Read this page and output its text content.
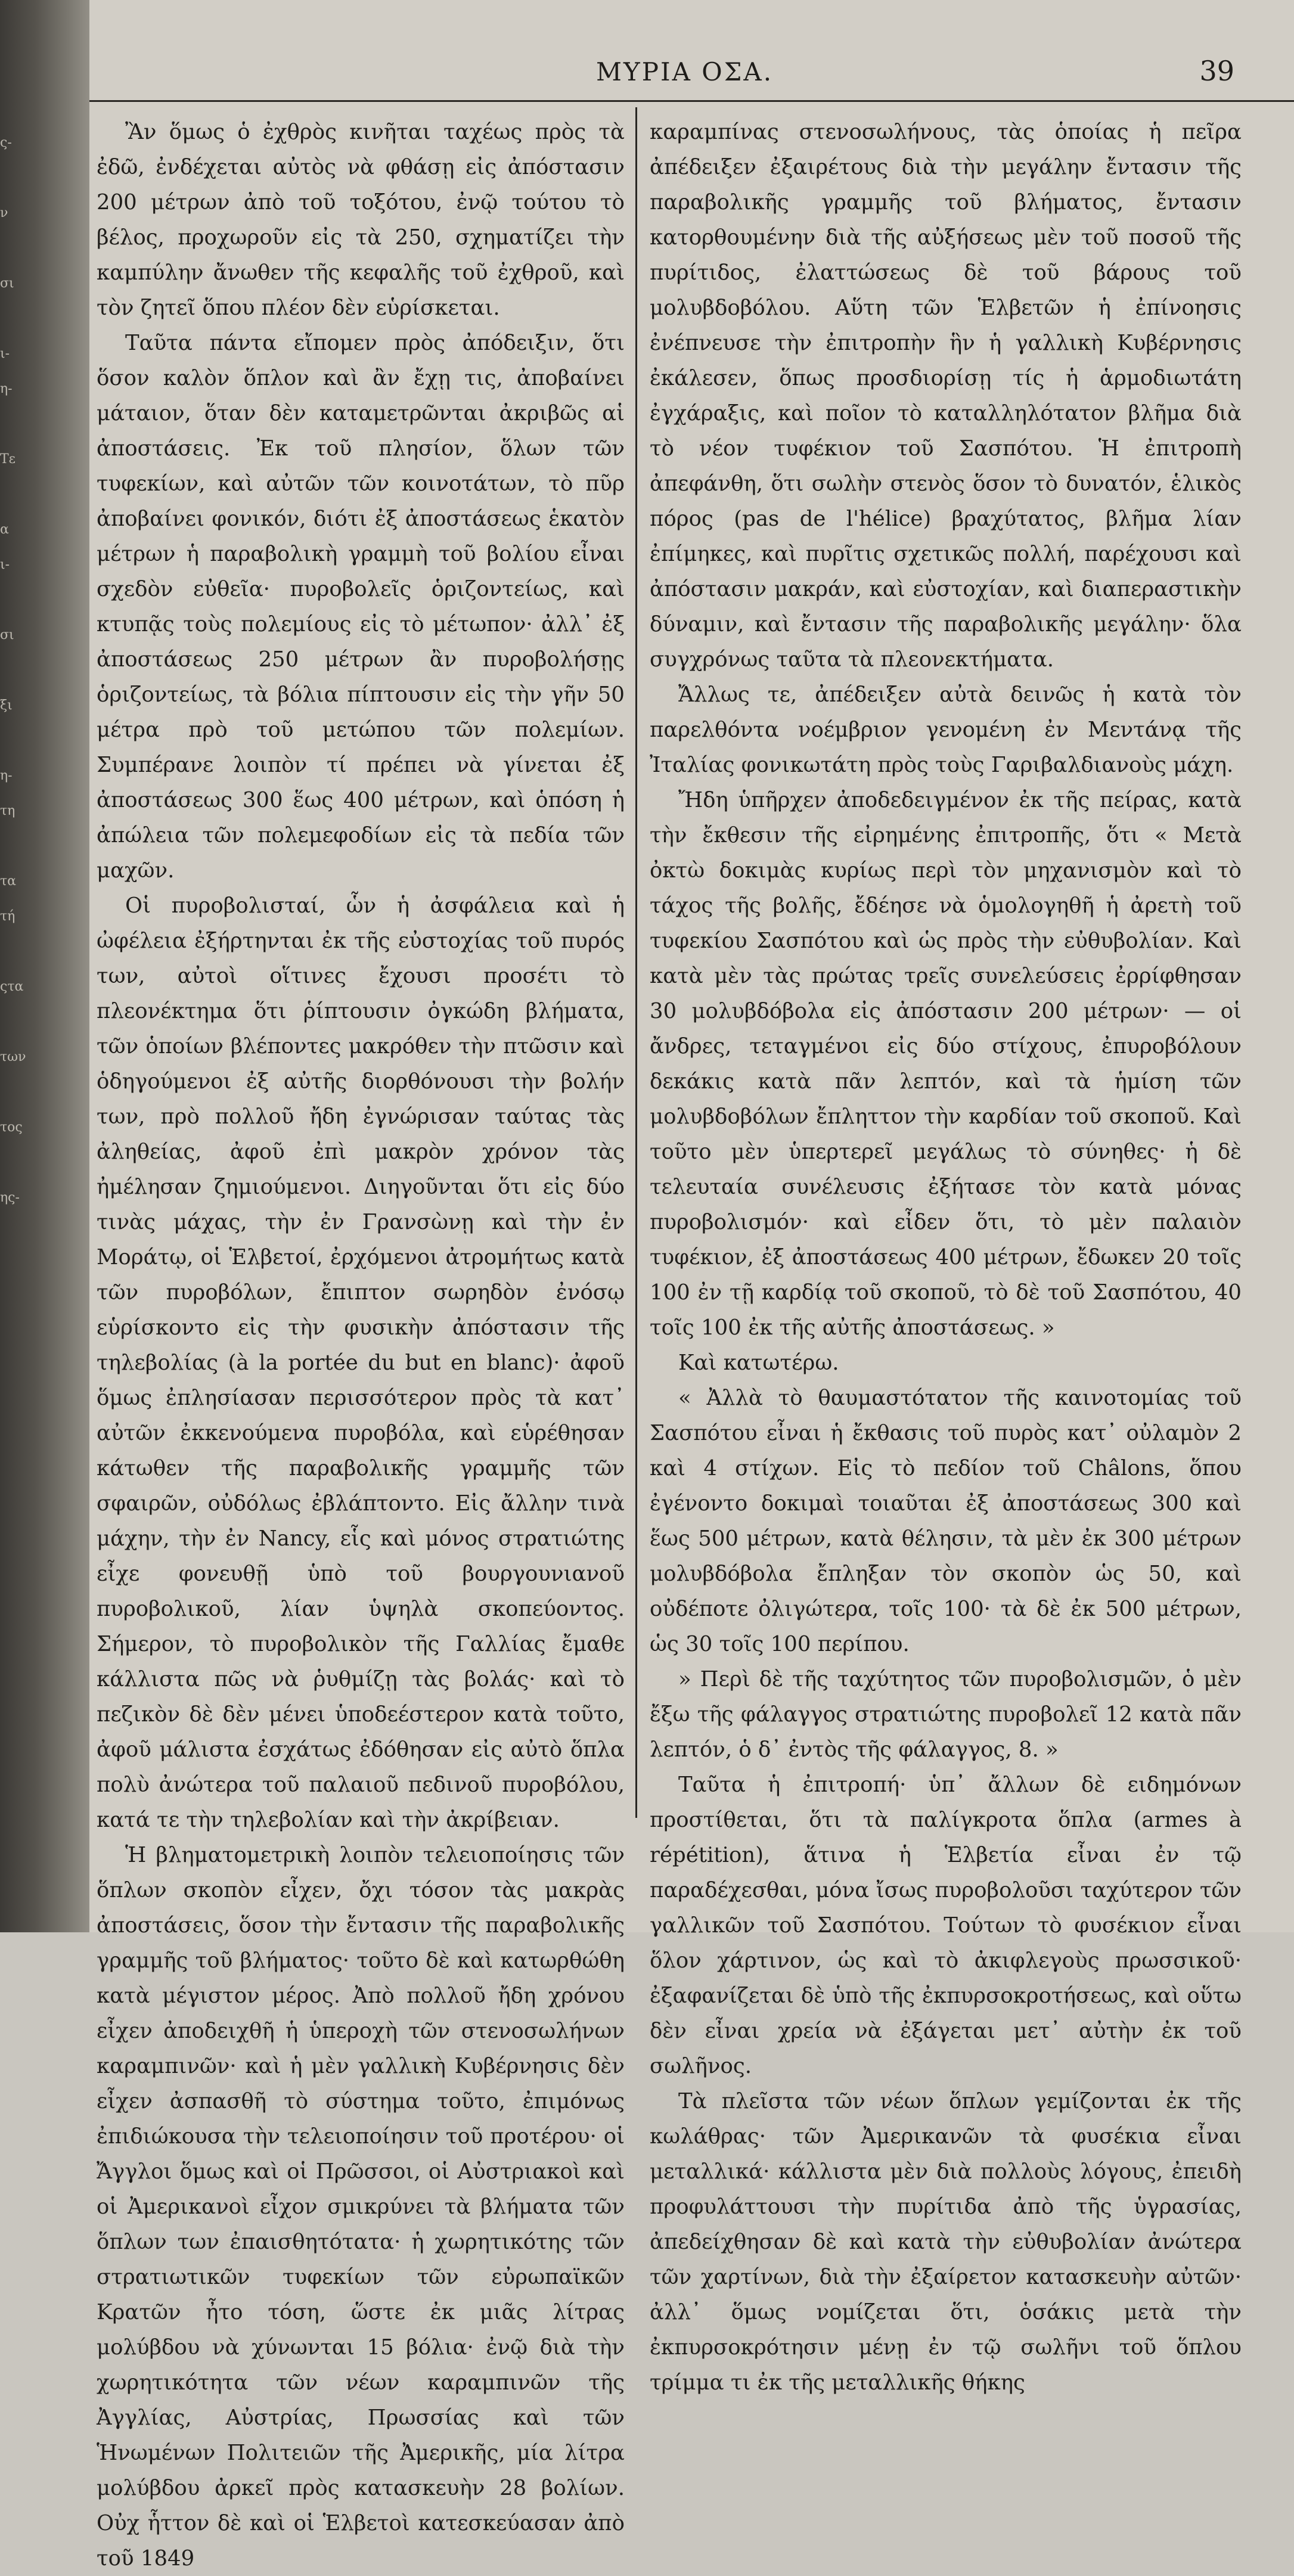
ς-

ν

σι

ι-
η-

Τε

α
ι-

σι

ξι

η-
τη

τα
τή

ςτα

των

τος

ης-
ΜΥΡΙΑ ΟΣΑ.	39

Ἂν ὅμως ὁ ἐχθρὸς κινῆται ταχέως πρὸς τὰ ἐδῶ, ἐνδέχεται αὐτὸς νὰ φθάσῃ εἰς ἀπόστασιν 200 μέτρων ἀπὸ τοῦ τοξότου, ἐνῷ τούτου τὸ βέλος, προχωροῦν εἰς τὰ 250, σχηματίζει τὴν καμπύλην ἄνωθεν τῆς κεφαλῆς τοῦ ἐχθροῦ, καὶ τὸν ζητεῖ ὅπου πλέον δὲν εὑρίσκεται.

Ταῦτα πάντα εἴπομεν πρὸς ἀπόδειξιν, ὅτι ὅσον καλὸν ὅπλον καὶ ἂν ἔχῃ τις, ἀποβαίνει μάταιον, ὅταν δὲν καταμετρῶνται ἀκριβῶς αἱ ἀποστάσεις. Ἐκ τοῦ πλησίον, ὅλων τῶν τυφεκίων, καὶ αὐτῶν τῶν κοινοτάτων, τὸ πῦρ ἀποβαίνει φονικόν, διότι ἐξ ἀποστάσεως ἑκατὸν μέτρων ἡ παραβολικὴ γραμμὴ τοῦ βολίου εἶναι σχεδὸν εὐθεῖα· πυροβολεῖς ὁριζοντείως, καὶ κτυπᾷς τοὺς πολεμίους εἰς τὸ μέτωπον· ἀλλ᾽ ἐξ ἀποστάσεως 250 μέτρων ἂν πυροβολήσῃς ὁριζοντείως, τὰ βόλια πίπτουσιν εἰς τὴν γῆν 50 μέτρα πρὸ τοῦ μετώπου τῶν πολεμίων. Συμπέρανε λοιπὸν τί πρέπει νὰ γίνεται ἐξ ἀποστάσεως 300 ἕως 400 μέτρων, καὶ ὁπόση ἡ ἀπώλεια τῶν πολεμεφοδίων εἰς τὰ πεδία τῶν μαχῶν.

Οἱ πυροβολισταί, ὧν ἡ ἀσφάλεια καὶ ἡ ὠφέλεια ἐξήρτηνται ἐκ τῆς εὐστοχίας τοῦ πυρός των, αὐτοὶ οἵτινες ἔχουσι προσέτι τὸ πλεονέκτημα ὅτι ῥίπτουσιν ὀγκώδη βλήματα, τῶν ὁποίων βλέποντες μακρόθεν τὴν πτῶσιν καὶ ὁδηγούμενοι ἐξ αὐτῆς διορθόνουσι τὴν βολήν των, πρὸ πολλοῦ ἤδη ἐγνώρισαν ταύτας τὰς ἀληθείας, ἀφοῦ ἐπὶ μακρὸν χρόνον τὰς ἠμέλησαν ζημιούμενοι. Διηγοῦνται ὅτι εἰς δύο τινὰς μάχας, τὴν ἐν Γρανσὼνῃ καὶ τὴν ἐν Μοράτῳ, οἱ Ἑλβετοί, ἐρχόμενοι ἀτρομήτως κατὰ τῶν πυροβόλων, ἔπιπτον σωρηδὸν ἐνόσῳ εὑρίσκοντο εἰς τὴν φυσικὴν ἀπόστασιν τῆς τηλεβολίας (à la portée du but en blanc)· ἀφοῦ ὅμως ἐπλησίασαν περισσότερον πρὸς τὰ κατ᾽ αὐτῶν ἐκκενούμενα πυροβόλα, καὶ εὑρέθησαν κάτωθεν τῆς παραβολικῆς γραμμῆς τῶν σφαιρῶν, οὐδόλως ἐβλάπτοντο. Εἰς ἄλλην τινὰ μάχην, τὴν ἐν Nancy, εἷς καὶ μόνος στρατιώτης εἶχε φονευθῇ ὑπὸ τοῦ βουργουνιανοῦ πυροβολικοῦ, λίαν ὑψηλὰ σκοπεύοντος. Σήμερον, τὸ πυροβολικὸν τῆς Γαλλίας ἔμαθε κάλλιστα πῶς νὰ ῥυθμίζῃ τὰς βολάς· καὶ τὸ πεζικὸν δὲ δὲν μένει ὑποδεέστερον κατὰ τοῦτο, ἀφοῦ μάλιστα ἐσχάτως ἐδόθησαν εἰς αὐτὸ ὅπλα πολὺ ἀνώτερα τοῦ παλαιοῦ πεδινοῦ πυροβόλου, κατά τε τὴν τηλεβολίαν καὶ τὴν ἀκρίβειαν.

Ἡ βληματομετρικὴ λοιπὸν τελειοποίησις τῶν ὅπλων σκοπὸν εἶχεν, ὄχι τόσον τὰς μακρὰς ἀποστάσεις, ὅσον τὴν ἔντασιν τῆς παραβολικῆς γραμμῆς τοῦ βλήματος· τοῦτο δὲ καὶ κατωρθώθη κατὰ μέγιστον μέρος. Ἀπὸ πολλοῦ ἤδη χρόνου εἶχεν ἀποδειχθῆ ἡ ὑπεροχὴ τῶν στενοσωλήνων καραμπινῶν· καὶ ἡ μὲν γαλλικὴ Κυβέρνησις δὲν εἶχεν ἀσπασθῆ τὸ σύστημα τοῦτο, ἐπιμόνως ἐπιδιώκουσα τὴν τελειοποίησιν τοῦ προτέρου· οἱ Ἄγγλοι ὅμως καὶ οἱ Πρῶσσοι, οἱ Αὐστριακοὶ καὶ οἱ Ἀμερικανοὶ εἶχον σμικρύνει τὰ βλήματα τῶν ὅπλων των ἐπαισθητότατα· ἡ χωρητικότης τῶν στρατιωτικῶν τυφεκίων τῶν εὐρωπαϊκῶν Κρατῶν ἦτο τόση, ὥστε ἐκ μιᾶς λίτρας μολύβδου νὰ χύνωνται 15 βόλια· ἐνῷ διὰ τὴν χωρητικότητα τῶν νέων καραμπινῶν τῆς Ἀγγλίας, Αὐστρίας, Πρωσσίας καὶ τῶν Ἡνωμένων Πολιτειῶν τῆς Ἀμερικῆς, μία λίτρα μολύβδου ἀρκεῖ πρὸς κατασκευὴν 28 βολίων. Οὐχ ἧττον δὲ καὶ οἱ Ἑλβετοὶ κατεσκεύασαν ἀπὸ τοῦ 1849

καραμπίνας στενοσωλήνους, τὰς ὁποίας ἡ πεῖρα ἀπέδειξεν ἐξαιρέτους διὰ τὴν μεγάλην ἔντασιν τῆς παραβολικῆς γραμμῆς τοῦ βλήματος, ἔντασιν κατορθουμένην διὰ τῆς αὐξήσεως μὲν τοῦ ποσοῦ τῆς πυρίτιδος, ἐλαττώσεως δὲ τοῦ βάρους τοῦ μολυβδοβόλου. Αὕτη τῶν Ἑλβετῶν ἡ ἐπίνοησις ἐνέπνευσε τὴν ἐπιτροπὴν ἣν ἡ γαλλικὴ Κυβέρνησις ἐκάλεσεν, ὅπως προσδιορίσῃ τίς ἡ ἁρμοδιωτάτη ἐγχάραξις, καὶ ποῖον τὸ καταλληλότατον βλῆμα διὰ τὸ νέον τυφέκιον τοῦ Σασπότου. Ἡ ἐπιτροπὴ ἀπεφάνθη, ὅτι σωλὴν στενὸς ὅσον τὸ δυνατόν, ἑλικὸς πόρος (pas de l'hélice) βραχύτατος, βλῆμα λίαν ἐπίμηκες, καὶ πυρῖτις σχετικῶς πολλή, παρέχουσι καὶ ἀπόστασιν μακράν, καὶ εὐστοχίαν, καὶ διαπεραστικὴν δύναμιν, καὶ ἔντασιν τῆς παραβολικῆς μεγάλην· ὅλα συγχρόνως ταῦτα τὰ πλεονεκτήματα.

Ἄλλως τε, ἀπέδειξεν αὐτὰ δεινῶς ἡ κατὰ τὸν παρελθόντα νοέμβριον γενομένη ἐν Μεντάνᾳ τῆς Ἰταλίας φονικωτάτη πρὸς τοὺς Γαριβαλδιανοὺς μάχη.

Ἤδη ὑπῆρχεν ἀποδεδειγμένον ἐκ τῆς πείρας, κατὰ τὴν ἔκθεσιν τῆς εἰρημένης ἐπιτροπῆς, ὅτι « Μετὰ ὀκτὼ δοκιμὰς κυρίως περὶ τὸν μηχανισμὸν καὶ τὸ τάχος τῆς βολῆς, ἔδέησε νὰ ὁμολογηθῆ ἡ ἀρετὴ τοῦ τυφεκίου Σασπότου καὶ ὡς πρὸς τὴν εὐθυβολίαν. Καὶ κατὰ μὲν τὰς πρώτας τρεῖς συνελεύσεις ἐρρίφθησαν 30 μολυβδόβολα εἰς ἀπόστασιν 200 μέτρων· — οἱ ἄνδρες, τεταγμένοι εἰς δύο στίχους, ἐπυροβόλουν δεκάκις κατὰ πᾶν λεπτόν, καὶ τὰ ἡμίση τῶν μολυβδοβόλων ἔπληττον τὴν καρδίαν τοῦ σκοποῦ. Καὶ τοῦτο μὲν ὑπερτερεῖ μεγάλως τὸ σύνηθες· ἡ δὲ τελευταία συνέλευσις ἐξήτασε τὸν κατὰ μόνας πυροβολισμόν· καὶ εἶδεν ὅτι, τὸ μὲν παλαιὸν τυφέκιον, ἐξ ἀποστάσεως 400 μέτρων, ἔδωκεν 20 τοῖς 100 ἐν τῇ καρδίᾳ τοῦ σκοποῦ, τὸ δὲ τοῦ Σασπότου, 40 τοῖς 100 ἐκ τῆς αὐτῆς ἀποστάσεως. »

Καὶ κατωτέρω.

« Ἀλλὰ τὸ θαυμαστότατον τῆς καινοτομίας τοῦ Σασπότου εἶναι ἡ ἔκθασις τοῦ πυρὸς κατ᾽ οὐλαμὸν 2 καὶ 4 στίχων. Εἰς τὸ πεδίον τοῦ Châlons, ὅπου ἐγένοντο δοκιμαὶ τοιαῦται ἐξ ἀποστάσεως 300 καὶ ἕως 500 μέτρων, κατὰ θέλησιν, τὰ μὲν ἐκ 300 μέτρων μολυβδόβολα ἔπληξαν τὸν σκοπὸν ὡς 50, καὶ οὐδέποτε ὀλιγώτερα, τοῖς 100· τὰ δὲ ἐκ 500 μέτρων, ὡς 30 τοῖς 100 περίπου.

» Περὶ δὲ τῆς ταχύτητος τῶν πυροβολισμῶν, ὁ μὲν ἔξω τῆς φάλαγγος στρατιώτης πυροβολεῖ 12 κατὰ πᾶν λεπτόν, ὁ δ᾽ ἐντὸς τῆς φάλαγγος, 8. »

Ταῦτα ἡ ἐπιτροπή· ὑπ᾽ ἄλλων δὲ ειδημόνων προστίθεται, ὅτι τὰ παλίγκροτα ὅπλα (armes à répétition), ἅτινα ἡ Ἑλβετία εἶναι ἐν τῷ παραδέχεσθαι, μόνα ἴσως πυροβολοῦσι ταχύτερον τῶν γαλλικῶν τοῦ Σασπότου. Τούτων τὸ φυσέκιον εἶναι ὅλον χάρτινον, ὡς καὶ τὸ ἀκιφλεγοὺς πρωσσικοῦ· ἐξαφανίζεται δὲ ὑπὸ τῆς ἐκπυρσοκροτήσεως, καὶ οὕτω δὲν εἶναι χρεία νὰ ἐξάγεται μετ᾽ αὐτὴν ἐκ τοῦ σωλῆνος.

Τὰ πλεῖστα τῶν νέων ὅπλων γεμίζονται ἐκ τῆς κωλάθρας· τῶν Ἀμερικανῶν τὰ φυσέκια εἶναι μεταλλικά· κάλλιστα μὲν διὰ πολλοὺς λόγους, ἐπειδὴ προφυλάττουσι τὴν πυρίτιδα ἀπὸ τῆς ὑγρασίας, ἀπεδείχθησαν δὲ καὶ κατὰ τὴν εὐθυβολίαν ἀνώτερα τῶν χαρτίνων, διὰ τὴν ἐξαίρετον κατασκευὴν αὐτῶν· ἀλλ᾽ ὅμως νομίζεται ὅτι, ὁσάκις μετὰ τὴν ἐκπυρσοκρότησιν μένῃ ἐν τῷ σωλῆνι τοῦ ὅπλου τρίμμα τι ἐκ τῆς μεταλλικῆς θήκης
